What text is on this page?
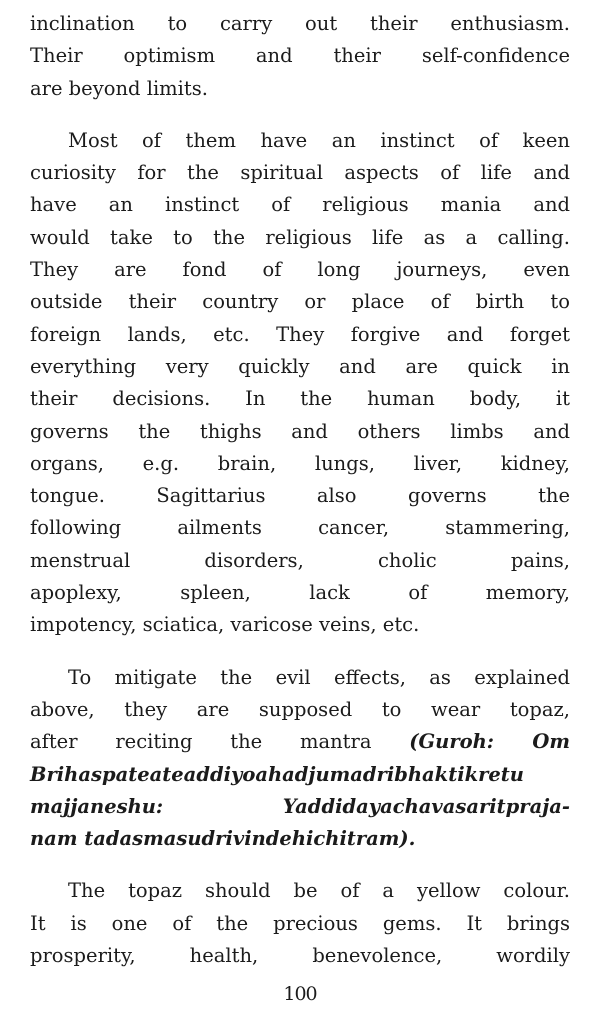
inclination to carry out their enthusiasm.
Their optimism and their self-confidence
are beyond limits.
Most of them have an instinct of keen
curiosity for the spiritual aspects of life and
have an instinct of religious mania and
would take to the religious life as a calling.
They are fond of long journeys, even
outside their country or place of birth to
foreign lands, etc. They forgive and forget
everything very quickly and are quick in
their decisions. In the human body, it
governs the thighs and others limbs and
organs, e.g. brain, lungs, liver, kidney,
tongue. Sagittarius also governs the
following ailments cancer, stammering,
menstrual disorders, cholic pains,
apoplexy, spleen, lack of memory,
impotency, sciatica, varicose veins, etc.
To mitigate the evil effects, as explained
above, they are supposed to wear topaz,
after reciting the mantra (Guroh: Om
Brihaspateateaddiyoahadjumadribhaktikretu
majjaneshu: Yaddidayachavasaritpraja-
nam tadasmasudrivindehichitram).
The topaz should be of a yellow colour.
It is one of the precious gems. It brings
prosperity, health, benevolence, wordily
100
